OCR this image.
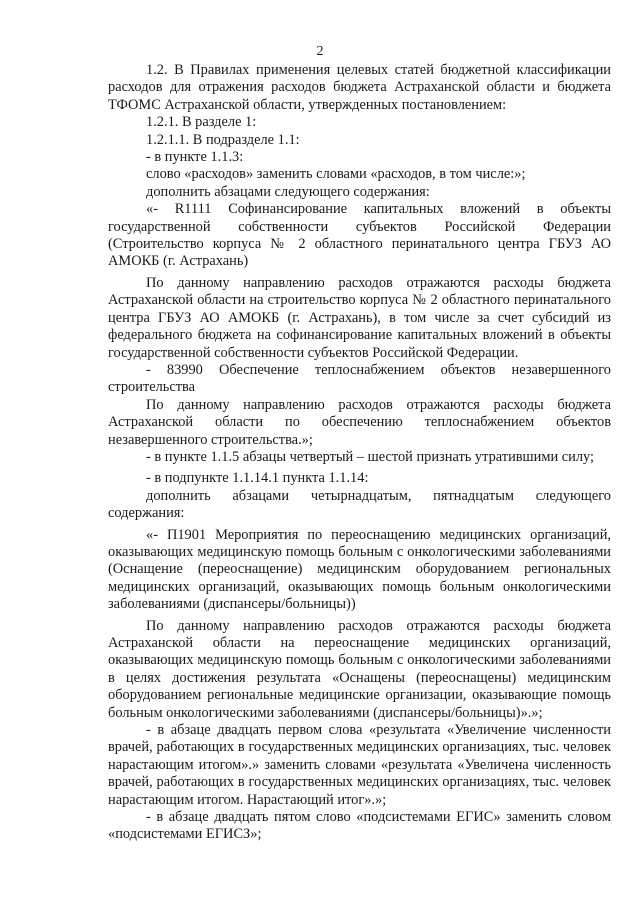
2

1.2. В Правилах применения целевых статей бюджетной классификации расходов для отражения расходов бюджета Астраханской области и бюджета ТФОМС Астраханской области, утвержденных постановлением:

1.2.1. В разделе 1:

1.2.1.1. В подразделе 1.1:

- в пункте 1.1.3:

слово «расходов» заменить словами «расходов, в том числе:»;

дополнить абзацами следующего содержания:

«- R1111 Софинансирование капитальных вложений в объекты государственной собственности субъектов Российской Федерации (Строительство корпуса № 2 областного перинатального центра ГБУЗ АО АМОКБ (г. Астрахань)

По данному направлению расходов отражаются расходы бюджета Астраханской области на строительство корпуса № 2 областного перинатального центра ГБУЗ АО АМОКБ (г. Астрахань), в том числе за счет субсидий из федерального бюджета на софинансирование капитальных вложений в объекты государственной собственности субъектов Российской Федерации.

- 83990 Обеспечение теплоснабжением объектов незавершенного строительства

По данному направлению расходов отражаются расходы бюджета Астраханской области по обеспечению теплоснабжением объектов незавершенного строительства.»;

- в пункте 1.1.5 абзацы четвертый – шестой признать утратившими силу;

- в подпункте 1.1.14.1 пункта 1.1.14:

дополнить абзацами четырнадцатым, пятнадцатым следующего содержания:

«- П1901 Мероприятия по переоснащению медицинских организаций, оказывающих медицинскую помощь больным с онкологическими заболеваниями (Оснащение (переоснащение) медицинским оборудованием региональных медицинских организаций, оказывающих помощь больным онкологическими заболеваниями (диспансеры/больницы))

По данному направлению расходов отражаются расходы бюджета Астраханской области на переоснащение медицинских организаций, оказывающих медицинскую помощь больным с онкологическими заболеваниями в целях достижения результата «Оснащены (переоснащены) медицинским оборудованием региональные медицинские организации, оказывающие помощь больным онкологическими заболеваниями (диспансеры/больницы)».»;

- в абзаце двадцать первом слова «результата «Увеличение численности врачей, работающих в государственных медицинских организациях, тыс. человек нарастающим итогом».» заменить словами «результата «Увеличена численность врачей, работающих в государственных медицинских организациях, тыс. человек нарастающим итогом. Нарастающий итог».»;

- в абзаце двадцать пятом слово «подсистемами ЕГИС» заменить словом «подсистемами ЕГИСЗ»;
